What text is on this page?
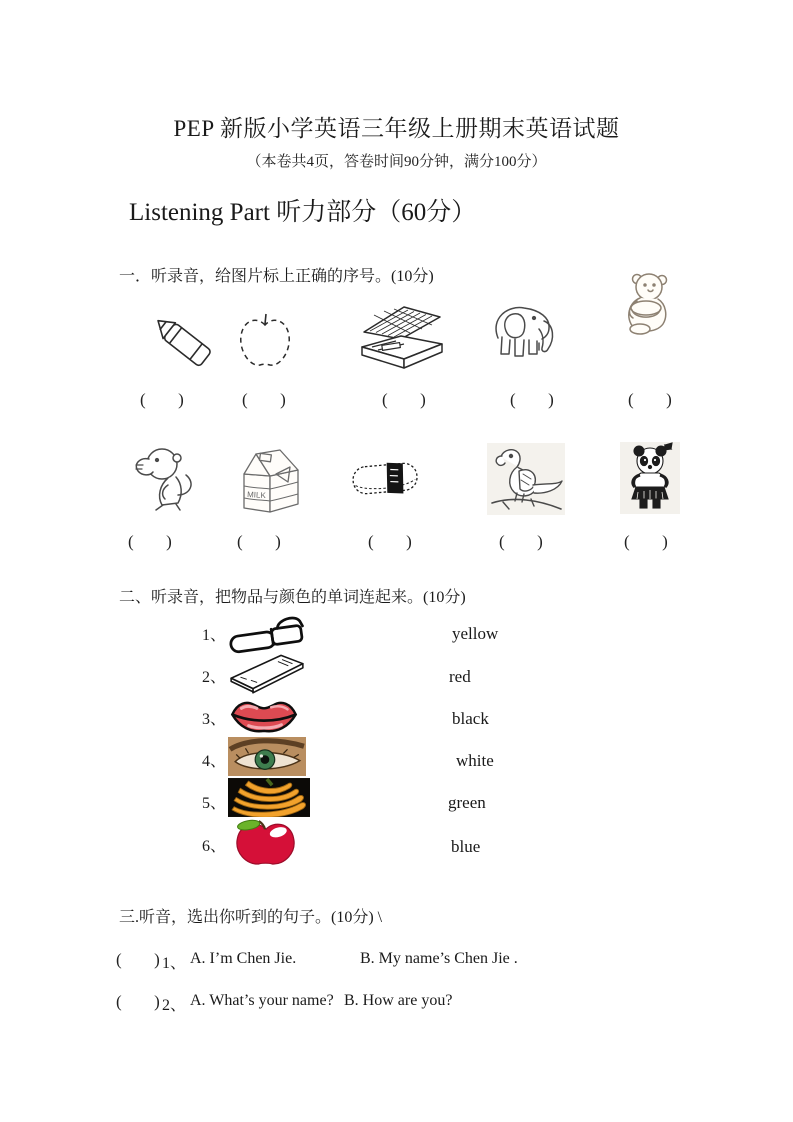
PEP 新版小学英语三年级上册期末英语试题
（本卷共4页，答卷时间90分钟，满分100分）
Listening Part 听力部分（60分）
一．听录音，给图片标上正确的序号。(10分)
(      )	(      )	(      )	(      )	(      )
MILK
(      )	(      )	(      )	(      )	(      )
二、听录音，把物品与颜色的单词连起来。(10分)
1、	yellow
2、	red
3、	black
4、	white
5、	green
6、	blue
三.听音，选出你听到的句子。(10分) \
(      ) 1、 A. I’m Chen Jie.	B. My name’s Chen Jie .
(      ) 2、 A. What’s your name? B. How are you?
